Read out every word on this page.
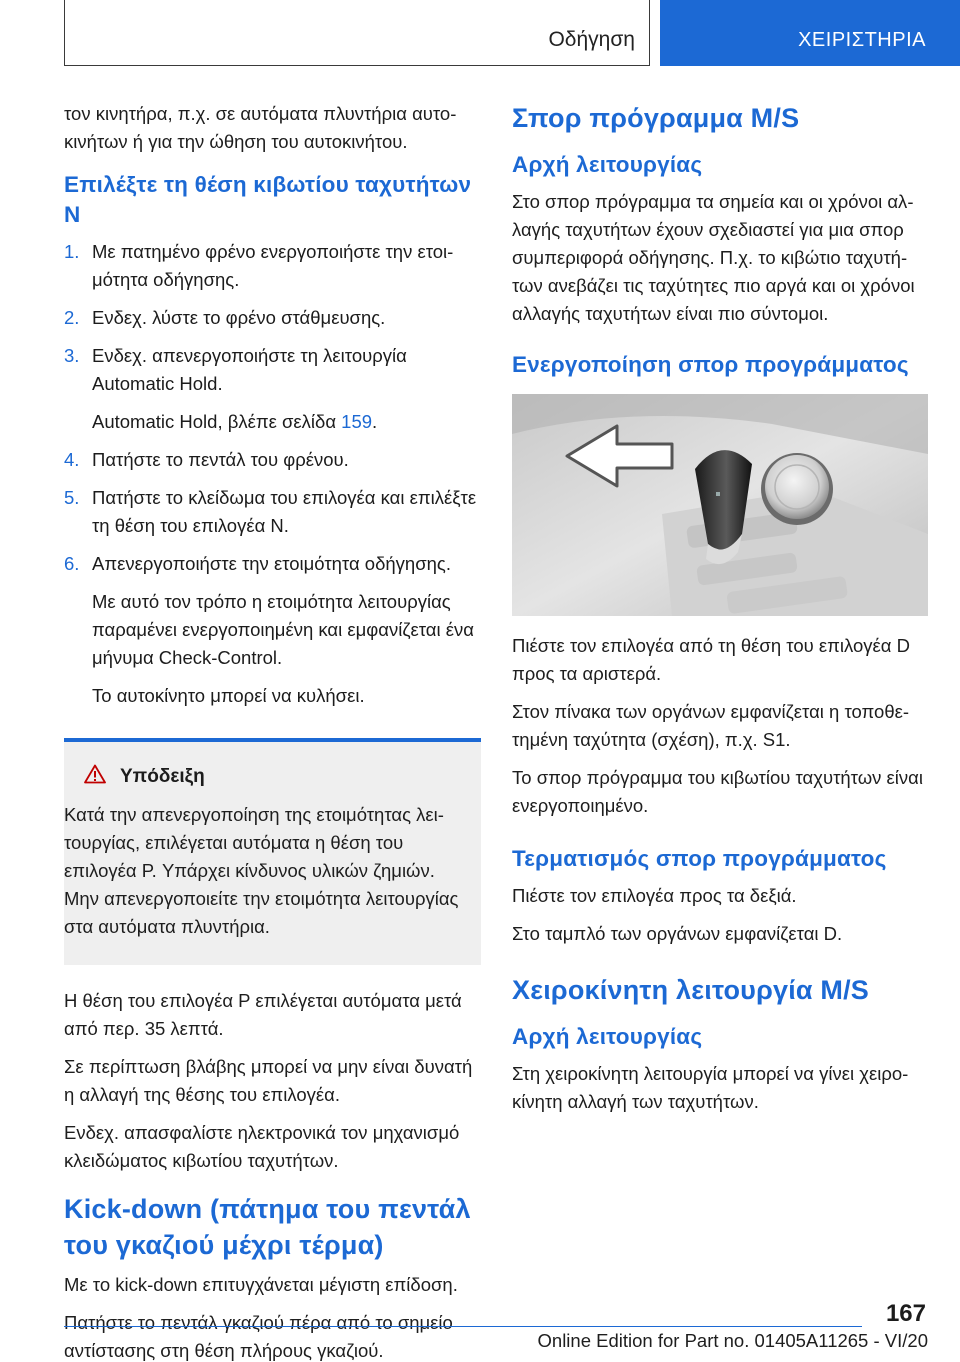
Οδήγηση	ΧΕΙΡΙΣΤΗΡΙΑ

τον κινητήρα, π.χ. σε αυτόματα πλυντήρια αυτοκινήτων ή για την ώθηση του αυτοκινήτου.

Επιλέξτε τη θέση κιβωτίου ταχυτήτων N
1. Με πατημένο φρένο ενεργοποιήστε την ετοιμότητα οδήγησης.
2. Ενδεχ. λύστε το φρένο στάθμευσης.
3. Ενδεχ. απενεργοποιήστε τη λειτουργία Automatic Hold.
Automatic Hold, βλέπε σελίδα 159.
4. Πατήστε το πεντάλ του φρένου.
5. Πατήστε το κλείδωμα του επιλογέα και επιλέξτε τη θέση του επιλογέα N.
6. Απενεργοποιήστε την ετοιμότητα οδήγησης.
Με αυτό τον τρόπο η ετοιμότητα λειτουργίας παραμένει ενεργοποιημένη και εμφανίζεται ένα μήνυμα Check-Control.
Το αυτοκίνητο μπορεί να κυλήσει.
Υπόδειξη

Κατά την απενεργοποίηση της ετοιμότητας λειτουργίας, επιλέγεται αυτόματα η θέση του επιλογέα P. Υπάρχει κίνδυνος υλικών ζημιών. Μην απενεργοποιείτε την ετοιμότητα λειτουργίας στα αυτόματα πλυντήρια.

Η θέση του επιλογέα P επιλέγεται αυτόματα μετά από περ. 35 λεπτά.

Σε περίπτωση βλάβης μπορεί να μην είναι δυνατή η αλλαγή της θέσης του επιλογέα.

Ενδεχ. απασφαλίστε ηλεκτρονικά τον μηχανισμό κλειδώματος κιβωτίου ταχυτήτων.

Kick-down (πάτημα του πεντάλ του γκαζιού μέχρι τέρμα)

Με το kick-down επιτυγχάνεται μέγιστη επίδοση.

Πατήστε το πεντάλ γκαζιού πέρα από το σημείο αντίστασης στη θέση πλήρους γκαζιού.

Σπορ πρόγραμμα M/S
Αρχή λειτουργίας

Στο σπορ πρόγραμμα τα σημεία και οι χρόνοι αλλαγής ταχυτήτων έχουν σχεδιαστεί για μια σπορ συμπεριφορά οδήγησης. Π.χ. το κιβώτιο ταχυτήτων ανεβάζει τις ταχύτητες πιο αργά και οι χρόνοι αλλαγής ταχυτήτων είναι πιο σύντομοι.

Ενεργοποίηση σπορ προγράμματος

Πιέστε τον επιλογέα από τη θέση του επιλογέα D προς τα αριστερά.

Στον πίνακα των οργάνων εμφανίζεται η τοποθετημένη ταχύτητα (σχέση), π.χ. S1.

Το σπορ πρόγραμμα του κιβωτίου ταχυτήτων είναι ενεργοποιημένο.

Τερματισμός σπορ προγράμματος

Πιέστε τον επιλογέα προς τα δεξιά.

Στο ταμπλό των οργάνων εμφανίζεται D.

Χειροκίνητη λειτουργία M/S
Αρχή λειτουργίας

Στη χειροκίνητη λειτουργία μπορεί να γίνει χειροκίνητη αλλαγή των ταχυτήτων.

167
Online Edition for Part no. 01405A11265 - VI/20
